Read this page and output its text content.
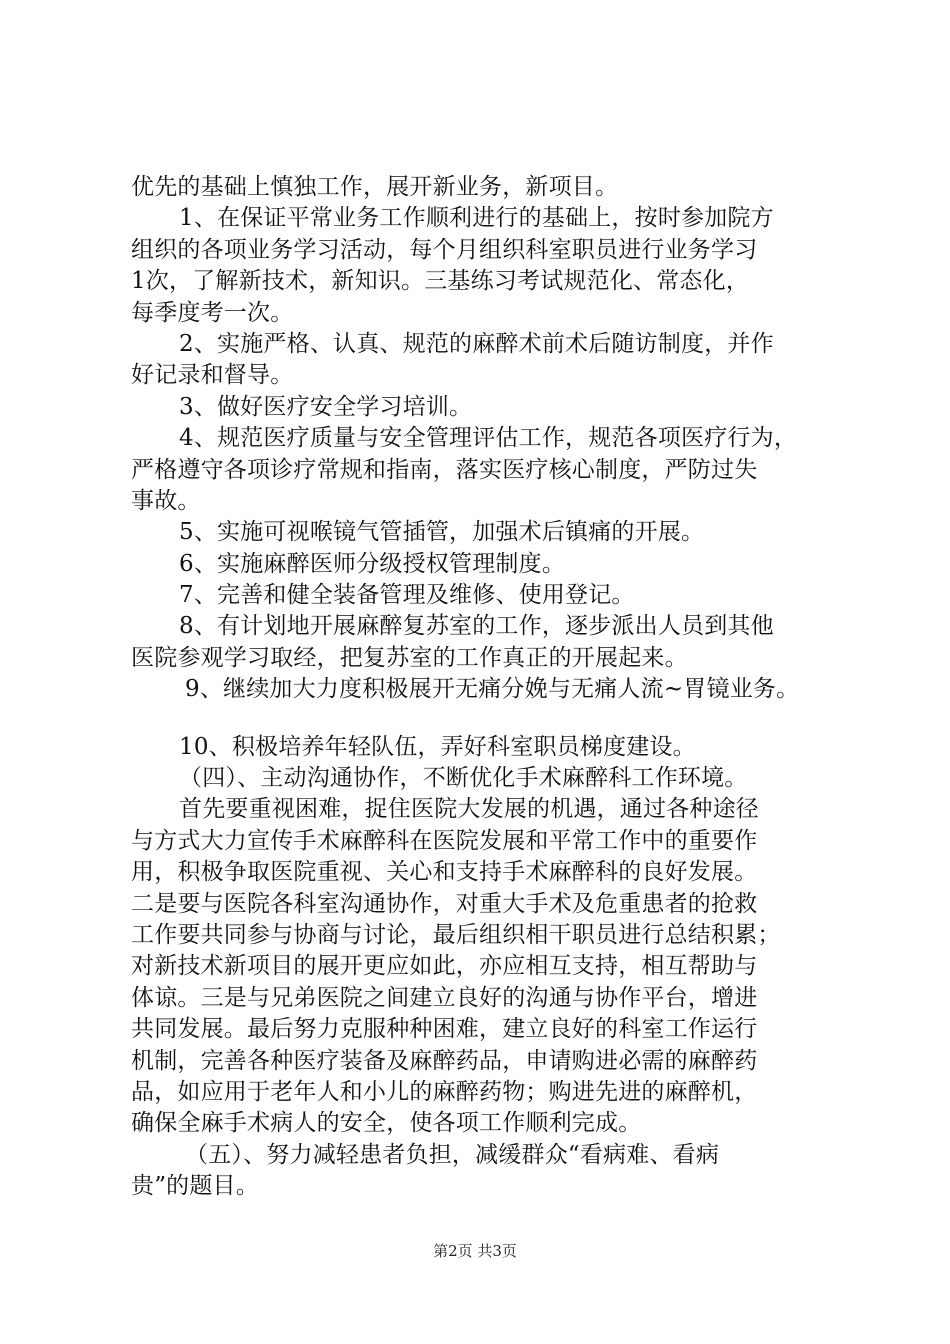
优先的基础上慎独工作，展开新业务，新项目。
1、在保证平常业务工作顺利进行的基础上，按时参加院方
组织的各项业务学习活动，每个月组织科室职员进行业务学习
1次，了解新技术，新知识。三基练习考试规范化、常态化，
每季度考一次。
2、实施严格、认真、规范的麻醉术前术后随访制度，并作
好记录和督导。
3、做好医疗安全学习培训。
4、规范医疗质量与安全管理评估工作，规范各项医疗行为，
严格遵守各项诊疗常规和指南，落实医疗核心制度，严防过失
事故。
5、实施可视喉镜气管插管，加强术后镇痛的开展。
6、实施麻醉医师分级授权管理制度。
7、完善和健全装备管理及维修、使用登记。
8、有计划地开展麻醉复苏室的工作，逐步派出人员到其他
医院参观学习取经，把复苏室的工作真正的开展起来。
9、继续加大力度积极展开无痛分娩与无痛人流~胃镜业务。
10、积极培养年轻队伍，弄好科室职员梯度建设。
（四）、主动沟通协作，不断优化手术麻醉科工作环境。
首先要重视困难，捉住医院大发展的机遇，通过各种途径
与方式大力宣传手术麻醉科在医院发展和平常工作中的重要作
用，积极争取医院重视、关心和支持手术麻醉科的良好发展。
二是要与医院各科室沟通协作，对重大手术及危重患者的抢救
工作要共同参与协商与讨论，最后组织相干职员进行总结积累；
对新技术新项目的展开更应如此，亦应相互支持，相互帮助与
体谅。三是与兄弟医院之间建立良好的沟通与协作平台，增进
共同发展。最后努力克服种种困难，建立良好的科室工作运行
机制，完善各种医疗装备及麻醉药品，申请购进必需的麻醉药
品，如应用于老年人和小儿的麻醉药物；购进先进的麻醉机，
确保全麻手术病人的安全，使各项工作顺利完成。
（五）、努力减轻患者负担，减缓群众“看病难、看病
贵”的题目。
第2页 共3页
